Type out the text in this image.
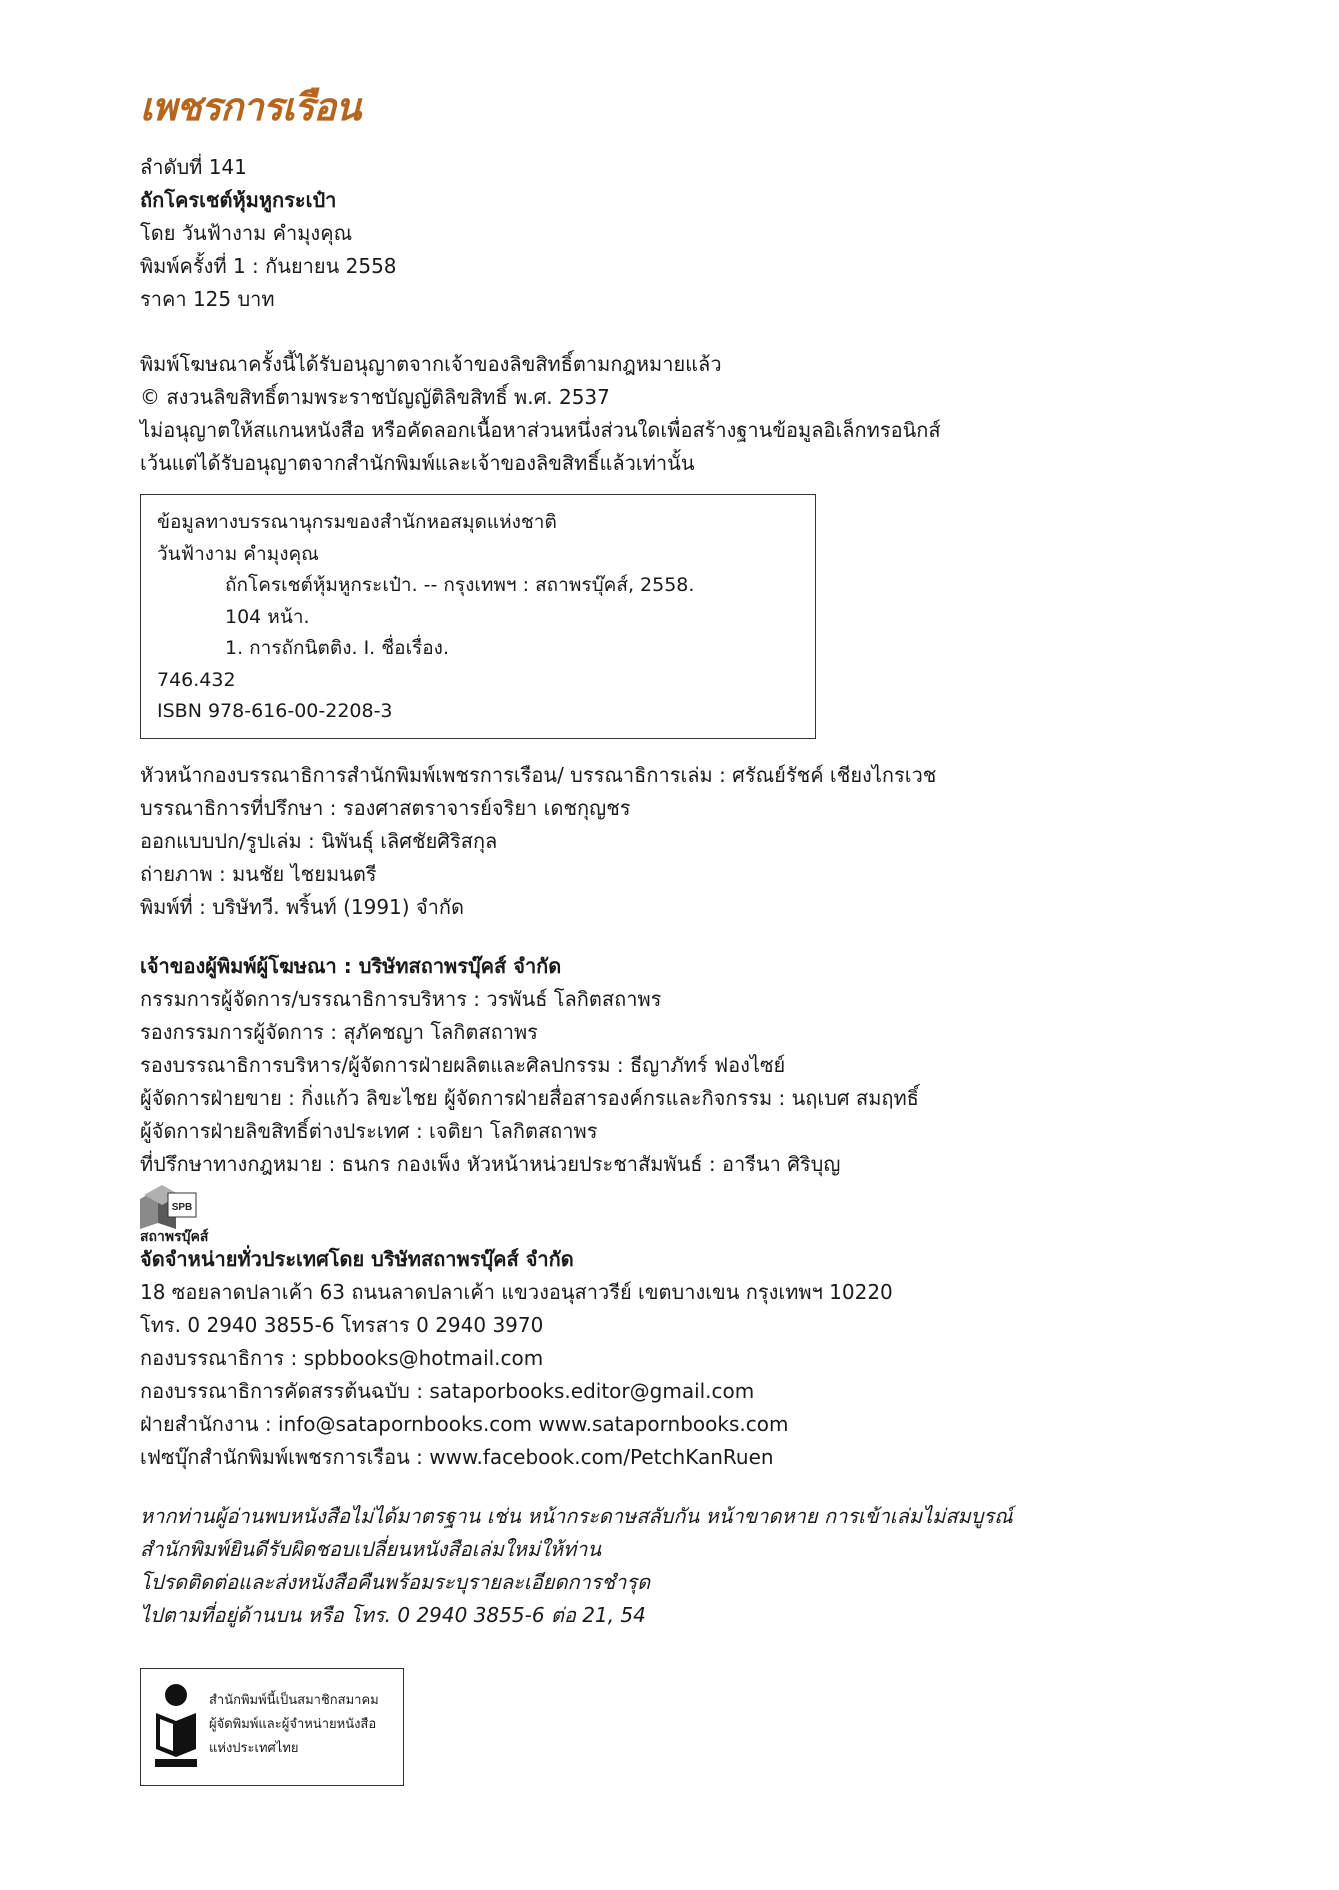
เพชรการเรือน
ลำดับที่ 141
ถักโครเชต์หุ้มหูกระเป๋า
โดย วันฟ้างาม คำมุงคุณ
พิมพ์ครั้งที่ 1 : กันยายน 2558
ราคา 125 บาท
พิมพ์โฆษณาครั้งนี้ได้รับอนุญาตจากเจ้าของลิขสิทธิ์ตามกฎหมายแล้ว
© สงวนลิขสิทธิ์ตามพระราชบัญญัติลิขสิทธิ์ พ.ศ. 2537
ไม่อนุญาตให้สแกนหนังสือ หรือคัดลอกเนื้อหาส่วนหนึ่งส่วนใดเพื่อสร้างฐานข้อมูลอิเล็กทรอนิกส์
เว้นแต่ได้รับอนุญาตจากสำนักพิมพ์และเจ้าของลิขสิทธิ์แล้วเท่านั้น
ข้อมูลทางบรรณานุกรมของสำนักหอสมุดแห่งชาติ
วันฟ้างาม คำมุงคุณ
ถักโครเชต์หุ้มหูกระเป๋า. -- กรุงเทพฯ : สถาพรบุ๊คส์, 2558.
104 หน้า.
1. การถักนิตติง. I. ชื่อเรื่อง.
746.432
ISBN 978-616-00-2208-3
หัวหน้ากองบรรณาธิการสำนักพิมพ์เพชรการเรือน/ บรรณาธิการเล่ม : ศรัณย์รัชค์ เชียงไกรเวช
บรรณาธิการที่ปรึกษา : รองศาสตราจารย์จริยา เดชกุญชร
ออกแบบปก/รูปเล่ม : นิพันธุ์ เลิศชัยศิริสกุล
ถ่ายภาพ : มนชัย ไชยมนตรี
พิมพ์ที่ : บริษัทวี. พริ้นท์ (1991) จำกัด
เจ้าของผู้พิมพ์ผู้โฆษณา : บริษัทสถาพรบุ๊คส์ จำกัด
กรรมการผู้จัดการ/บรรณาธิการบริหาร : วรพันธ์ โลกิตสถาพร
รองกรรมการผู้จัดการ : สุภัคชญา โลกิตสถาพร
รองบรรณาธิการบริหาร/ผู้จัดการฝ่ายผลิตและศิลปกรรม : ธีญาภัทร์ ฟองไซย์
ผู้จัดการฝ่ายขาย : กิ่งแก้ว ลิขะไชย ผู้จัดการฝ่ายสื่อสารองค์กรและกิจกรรม : นฤเบศ สมฤทธิ์
ผู้จัดการฝ่ายลิขสิทธิ์ต่างประเทศ : เจติยา โลกิตสถาพร
ที่ปรึกษาทางกฎหมาย : ธนกร กองเพ็ง หัวหน้าหน่วยประชาสัมพันธ์ : อารีนา ศิริบุญ
SPB
สถาพรบุ๊คส์
จัดจำหน่ายทั่วประเทศโดย บริษัทสถาพรบุ๊คส์ จำกัด
18 ซอยลาดปลาเค้า 63 ถนนลาดปลาเค้า แขวงอนุสาวรีย์ เขตบางเขน กรุงเทพฯ 10220
โทร. 0 2940 3855-6 โทรสาร 0 2940 3970
กองบรรณาธิการ : spbbooks@hotmail.com
กองบรรณาธิการคัดสรรต้นฉบับ : sataporbooks.editor@gmail.com
ฝ่ายสำนักงาน : info@satapornbooks.com www.satapornbooks.com
เฟซบุ๊กสำนักพิมพ์เพชรการเรือน : www.facebook.com/PetchKanRuen
หากท่านผู้อ่านพบหนังสือไม่ได้มาตรฐาน เช่น หน้ากระดาษสลับกัน หน้าขาดหาย การเข้าเล่มไม่สมบูรณ์
สำนักพิมพ์ยินดีรับผิดชอบเปลี่ยนหนังสือเล่มใหม่ให้ท่าน
โปรดติดต่อและส่งหนังสือคืนพร้อมระบุรายละเอียดการชำรุด
ไปตามที่อยู่ด้านบน หรือ โทร. 0 2940 3855-6 ต่อ 21, 54
สำนักพิมพ์นี้เป็นสมาชิกสมาคม
ผู้จัดพิมพ์และผู้จำหน่ายหนังสือ
แห่งประเทศไทย
